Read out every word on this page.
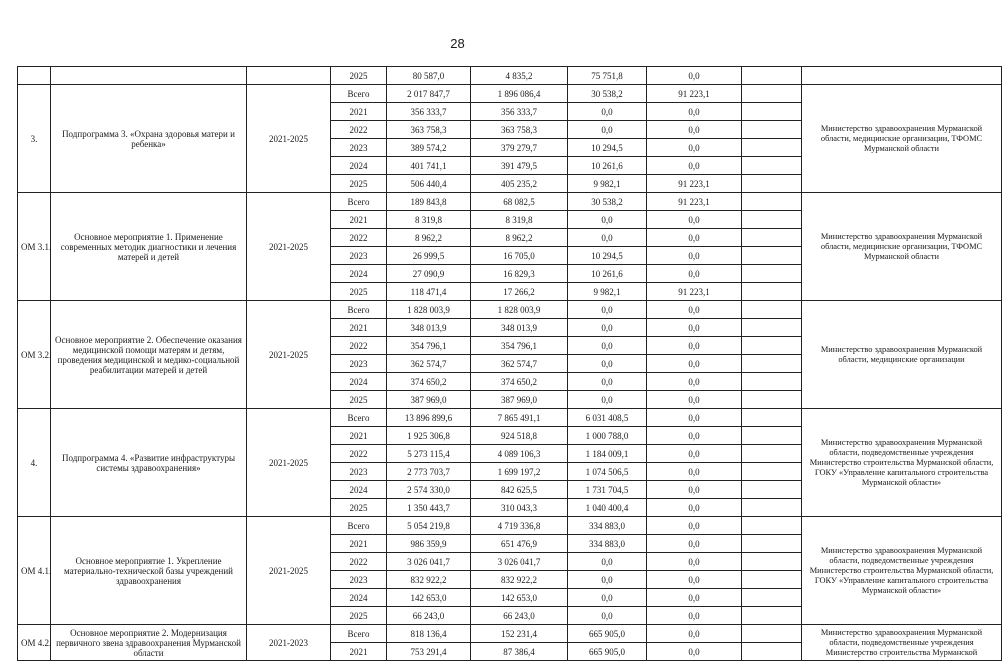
28
			2025	80 587,0	4 835,2	75 751,8	0,0		
3.	Подпрограмма 3. «Охрана здоровья матери и ребенка»	2021-2025	Всего	2 017 847,7	1 896 086,4	30 538,2	91 223,1		Министерство здравоохранения Мурманской области, медицинские организации, ТФОМС Мурманской области
			2021	356 333,7	356 333,7	0,0	0,0		
			2022	363 758,3	363 758,3	0,0	0,0		
			2023	389 574,2	379 279,7	10 294,5	0,0		
			2024	401 741,1	391 479,5	10 261,6	0,0		
			2025	506 440,4	405 235,2	9 982,1	91 223,1		
ОМ 3.1.	Основное мероприятие 1. Применение современных методик диагностики и лечения матерей и детей	2021-2025	Всего	189 843,8	68 082,5	30 538,2	91 223,1		Министерство здравоохранения Мурманской области, медицинские организации, ТФОМС Мурманской области
			2021	8 319,8	8 319,8	0,0	0,0		
			2022	8 962,2	8 962,2	0,0	0,0		
			2023	26 999,5	16 705,0	10 294,5	0,0		
			2024	27 090,9	16 829,3	10 261,6	0,0		
			2025	118 471,4	17 266,2	9 982,1	91 223,1		
ОМ 3.2.	Основное мероприятие 2. Обеспечение оказания медицинской помощи матерям и детям, проведения медицинской и медико-социальной реабилитации матерей и детей	2021-2025	Всего	1 828 003,9	1 828 003,9	0,0	0,0		Министерство здравоохранения Мурманской области, медицинские организации
			2021	348 013,9	348 013,9	0,0	0,0		
			2022	354 796,1	354 796,1	0,0	0,0		
			2023	362 574,7	362 574,7	0,0	0,0		
			2024	374 650,2	374 650,2	0,0	0,0		
			2025	387 969,0	387 969,0	0,0	0,0		
4.	Подпрограмма 4. «Развитие инфраструктуры системы здравоохранения»	2021-2025	Всего	13 896 899,6	7 865 491,1	6 031 408,5	0,0		Министерство здравоохранения Мурманской области, подведомственные учреждения Министерство строительства Мурманской области, ГОКУ «Управление капитального строительства Мурманской области»
			2021	1 925 306,8	924 518,8	1 000 788,0	0,0		
			2022	5 273 115,4	4 089 106,3	1 184 009,1	0,0		
			2023	2 773 703,7	1 699 197,2	1 074 506,5	0,0		
			2024	2 574 330,0	842 625,5	1 731 704,5	0,0		
			2025	1 350 443,7	310 043,3	1 040 400,4	0,0		
ОМ 4.1.	Основное мероприятие 1. Укрепление материально-технической базы учреждений здравоохранения	2021-2025	Всего	5 054 219,8	4 719 336,8	334 883,0	0,0		Министерство здравоохранения Мурманской области, подведомственные учреждения Министерство строительства Мурманской области, ГОКУ «Управление капитального строительства Мурманской области»
			2021	986 359,9	651 476,9	334 883,0	0,0		
			2022	3 026 041,7	3 026 041,7	0,0	0,0		
			2023	832 922,2	832 922,2	0,0	0,0		
			2024	142 653,0	142 653,0	0,0	0,0		
			2025	66 243,0	66 243,0	0,0	0,0		
ОМ 4.2.	Основное мероприятие 2. Модернизация первичного звена здравоохранения Мурманской области	2021-2023	Всего	818 136,4	152 231,4	665 905,0	0,0		Министерство здравоохранения Мурманской области, подведомственные учреждения Министерство строительства Мурманской
			2021	753 291,4	87 386,4	665 905,0	0,0		
